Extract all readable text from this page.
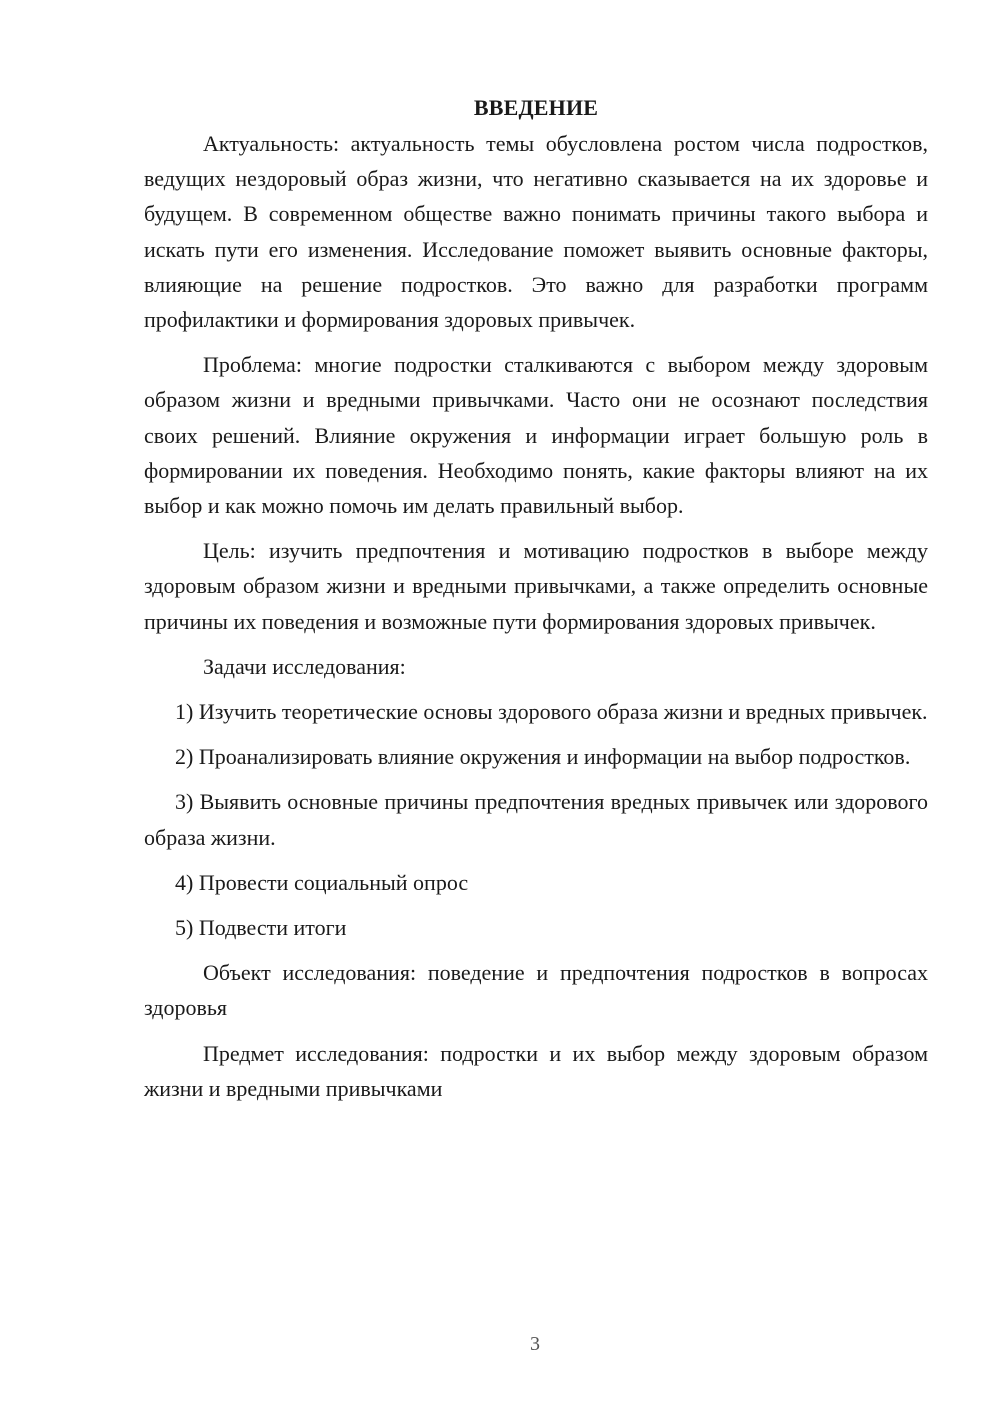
ВВЕДЕНИЕ

Актуальность: актуальность темы обусловлена ростом числа подростков, ведущих нездоровый образ жизни, что негативно сказывается на их здоровье и будущем. В современном обществе важно понимать причины такого выбора и искать пути его изменения. Исследование поможет выявить основные факторы, влияющие на решение подростков. Это важно для разработки программ профилактики и формирования здоровых привычек.

Проблема: многие подростки сталкиваются с выбором между здоровым образом жизни и вредными привычками. Часто они не осознают последствия своих решений. Влияние окружения и информации играет большую роль в формировании их поведения. Необходимо понять, какие факторы влияют на их выбор и как можно помочь им делать правильный выбор.

Цель: изучить предпочтения и мотивацию подростков в выборе между здоровым образом жизни и вредными привычками, а также определить основные причины их поведения и возможные пути формирования здоровых привычек.

Задачи исследования:

1) Изучить теоретические основы здорового образа жизни и вредных привычек.

2) Проанализировать влияние окружения и информации на выбор подростков.

3) Выявить основные причины предпочтения вредных привычек или здорового образа жизни.

4) Провести социальный опрос

5) Подвести итоги

Объект исследования: поведение и предпочтения подростков в вопросах здоровья

Предмет исследования: подростки и их выбор между здоровым образом жизни и вредными привычками

3
